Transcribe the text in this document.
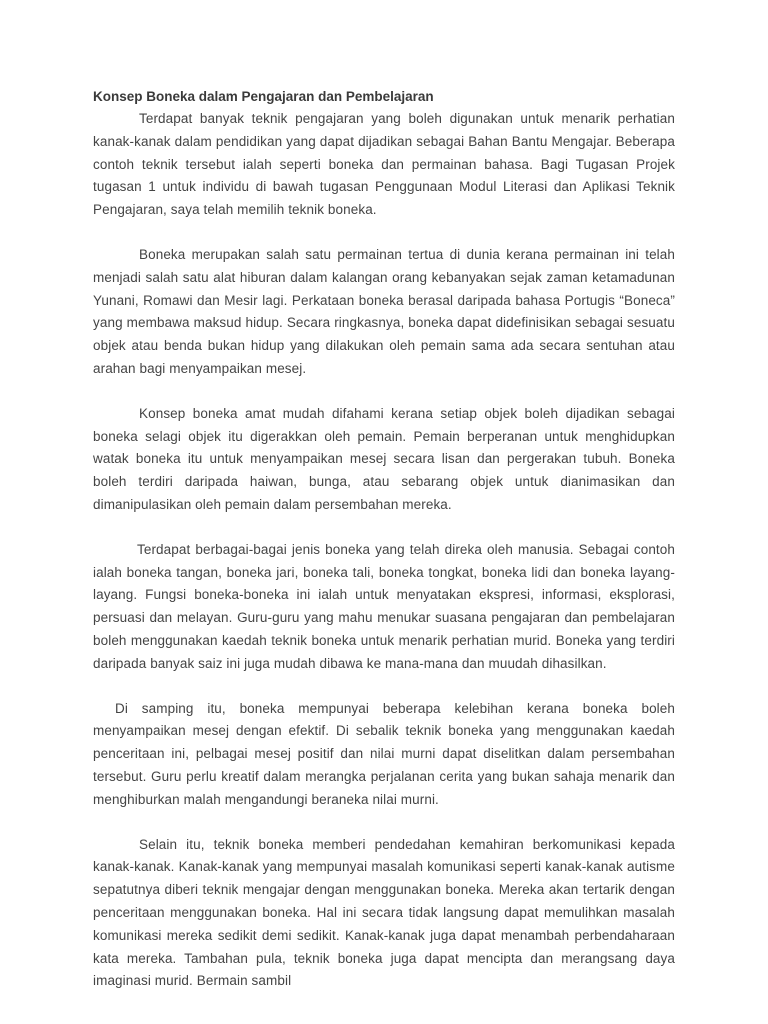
Konsep Boneka dalam Pengajaran dan Pembelajaran

Terdapat banyak teknik pengajaran yang boleh digunakan untuk menarik perhatian kanak-kanak dalam pendidikan yang dapat dijadikan sebagai Bahan Bantu Mengajar. Beberapa contoh teknik tersebut ialah seperti boneka dan permainan bahasa. Bagi Tugasan Projek tugasan 1 untuk individu di bawah tugasan Penggunaan Modul Literasi dan Aplikasi Teknik Pengajaran, saya telah memilih teknik boneka.

Boneka merupakan salah satu permainan tertua di dunia kerana permainan ini telah menjadi salah satu alat hiburan dalam kalangan orang kebanyakan sejak zaman ketamadunan Yunani, Romawi dan Mesir lagi. Perkataan boneka berasal daripada bahasa Portugis “Boneca” yang membawa maksud hidup. Secara ringkasnya, boneka dapat didefinisikan sebagai sesuatu objek atau benda bukan hidup yang dilakukan oleh pemain sama ada secara sentuhan atau arahan bagi menyampaikan mesej.

Konsep boneka amat mudah difahami kerana setiap objek boleh dijadikan sebagai boneka selagi objek itu digerakkan oleh pemain. Pemain berperanan untuk menghidupkan watak boneka itu untuk menyampaikan mesej secara lisan dan pergerakan tubuh. Boneka boleh terdiri daripada haiwan, bunga, atau sebarang objek untuk dianimasikan dan dimanipulasikan oleh pemain dalam persembahan mereka.

Terdapat berbagai-bagai jenis boneka yang telah direka oleh manusia. Sebagai contoh ialah boneka tangan, boneka jari, boneka tali, boneka tongkat, boneka lidi dan boneka layang-layang. Fungsi boneka-boneka ini ialah untuk menyatakan ekspresi, informasi, eksplorasi, persuasi dan melayan. Guru-guru yang mahu menukar suasana pengajaran dan pembelajaran boleh menggunakan kaedah teknik boneka untuk menarik perhatian murid. Boneka yang terdiri daripada banyak saiz ini juga mudah dibawa ke mana-mana dan muudah dihasilkan.

Di samping itu, boneka mempunyai beberapa kelebihan kerana boneka boleh menyampaikan mesej dengan efektif. Di sebalik teknik boneka yang menggunakan kaedah penceritaan ini, pelbagai mesej positif dan nilai murni dapat diselitkan dalam persembahan tersebut. Guru perlu kreatif dalam merangka perjalanan cerita yang bukan sahaja menarik dan menghiburkan malah mengandungi beraneka nilai murni.

Selain itu, teknik boneka memberi pendedahan kemahiran berkomunikasi kepada kanak-kanak. Kanak-kanak yang mempunyai masalah komunikasi seperti kanak-kanak autisme sepatutnya diberi teknik mengajar dengan menggunakan boneka. Mereka akan tertarik dengan penceritaan menggunakan boneka. Hal ini secara tidak langsung dapat memulihkan masalah komunikasi mereka sedikit demi sedikit. Kanak-kanak juga dapat menambah perbendaharaan kata mereka. Tambahan pula, teknik boneka juga dapat mencipta dan merangsang daya imaginasi murid. Bermain sambil
